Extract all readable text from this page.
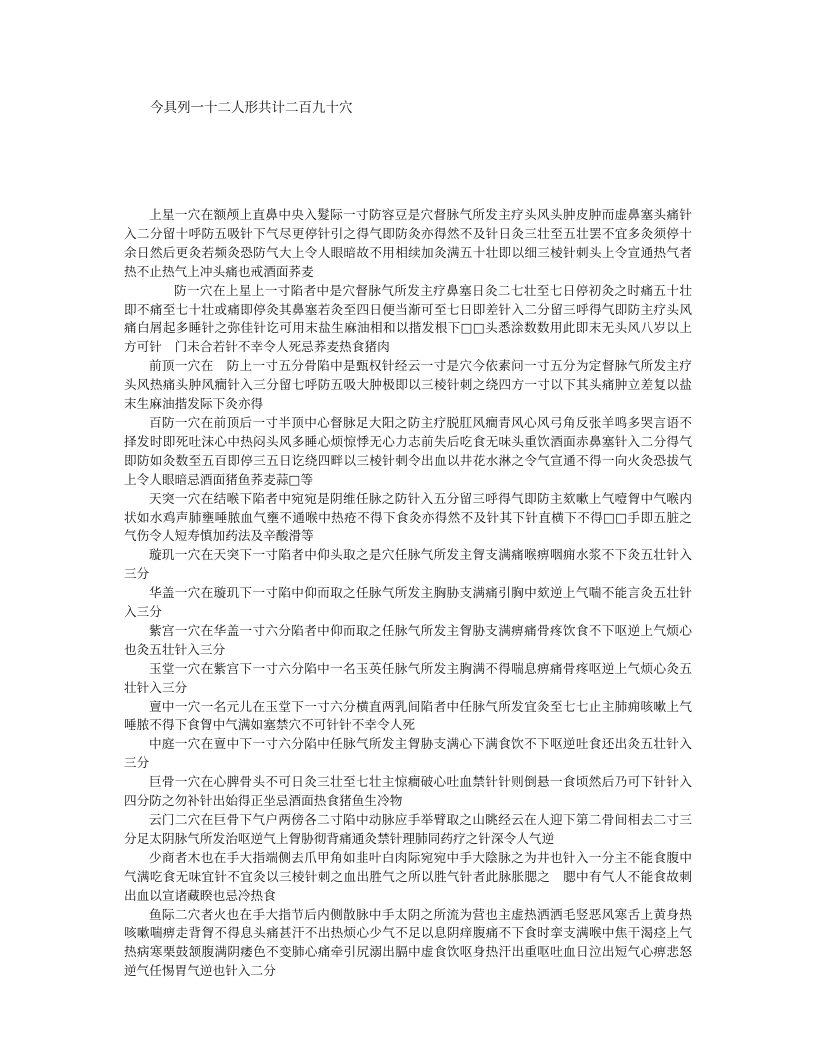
今具列一十二人形共计二百九十穴

上星一穴在额颅上直鼻中央入髮际一寸防容豆是穴督脉气所发主疗头风头肿皮肿而虚鼻塞头痛针入二分留十呼防五吸针下气尽更停针引之得气即防灸亦得然不及针日灸三壮至五壮罢不宜多灸须停十余日然后更灸若频灸恐防气大上令人眼暗故不用相续加灸满五十壮即以细三棱针刺头上令宣通热气者热不止热气上冲头痛也戒酒面荞麦

防一穴在上星上一寸陷者中是穴督脉气所发主疗鼻塞日灸二七壮至七日停初灸之时痛五十壮即不痛至七十壮或痛即停灸其鼻塞若灸至四日便当渐可至七日即差针入二分留三呼得气即防主疗头风痛白屑起多睡针之弥佳针讫可用末盐生麻油相和以揩发根下□□头悉涂数数用此即末无头风八岁以上方可针　门未合若针不幸令人死忌荞麦热食猪肉

前顶一穴在　防上一寸五分骨陷中是甄权针经云一寸是穴今依素问一寸五分为定督脉气所发主疗头风热痛头肿风癎针入三分留七呼防五吸大肿极即以三棱针刺之绕四方一寸以下其头痛肿立差复以盐末生麻油揩发际下灸亦得

百防一穴在前顶后一寸半顶中心督脉足大阳之防主疗脱肛风癎青风心风弓角反张羊鸣多哭言语不择发时即死吐沫心中热闷头风多睡心烦惊悸无心力志前失后吃食无味头重饮酒面赤鼻塞针入二分得气即防如灸数至五百即停三五日讫绕四畔以三棱针刺令出血以井花水淋之令气宣通不得一向火灸恐拔气上令人眼暗忌酒面猪鱼荞麦蒜□等

天突一穴在结喉下陷者中宛宛是阴维任脉之防针入五分留三呼得气即防主欬嗽上气噎胷中气喉内状如水鸡声肺壅唾脓血气壅不通喉中热疮不得下食灸亦得然不及针其下针直横下不得□□手即五脏之气伤令人短寿慎加药法及辛酸滑等

璇玑一穴在天突下一寸陷者中仰头取之是穴任脉气所发主胷支满痛喉痹咽痈水浆不下灸五壮针入三分

华盖一穴在璇玑下一寸陷中仰而取之任脉气所发主胸胁支满痛引胸中欬逆上气喘不能言灸五壮针入三分

紫宫一穴在华盖一寸六分陷者中仰而取之任脉气所发主胷胁支满痹痛骨疼饮食不下呕逆上气烦心也灸五壮针入三分

玉堂一穴在紫宫下一寸六分陷中一名玉英任脉气所发主胸满不得喘息痹痛骨疼呕逆上气烦心灸五壮针入三分

亶中一穴一名元儿在玉堂下一寸六分横直两乳间陷者中任脉气所发宜灸至七七止主肺痈咳嗽上气唾脓不得下食胷中气满如塞禁穴不可针针不幸令人死

中庭一穴在亶中下一寸六分陷中任脉气所发主胷胁支满心下满食饮不下呕逆吐食还出灸五壮针入三分

巨骨一穴在心脾骨头不可日灸三壮至七壮主惊癎破心吐血禁针针则倒悬一食顷然后乃可下针针入四分防之勿补针出始得正坐忌酒面热食猪鱼生冷物

云门二穴在巨骨下气户两傍各二寸陷中动脉应手举臂取之山眺经云在人迎下第二骨间相去二寸三分足太阴脉气所发治呕逆气上胷胁彻背痛通灸禁针理肺同药疗之针深令人气逆

少商者木也在手大指端侧去爪甲角如韭叶白肉际宛宛中手大陰脉之为井也针入一分主不能食腹中气满吃食无味宜针不宜灸以三棱针刺之血出胜气之所以胜气针者此脉胀腮之　腮中有气人不能食故刺出血以宣诸藏睽也忌冷热食

鱼际二穴者火也在手大指节后内侧散脉中手太阴之所流为营也主虚热洒洒毛竖恶风寒舌上黄身热咳嗽喘痹走背胷不得息头痛甚汗不出热烦心少气不足以息阴痒腹痛不下食时挛支满喉中焦干渴痉上气热病寒栗鼓颔腹满阴痿色不变肺心痛牵引尻溺出膈中虚食饮呕身热汗出重呕吐血日泣出短气心痹悲怒逆气任惕胃气逆也针入二分
